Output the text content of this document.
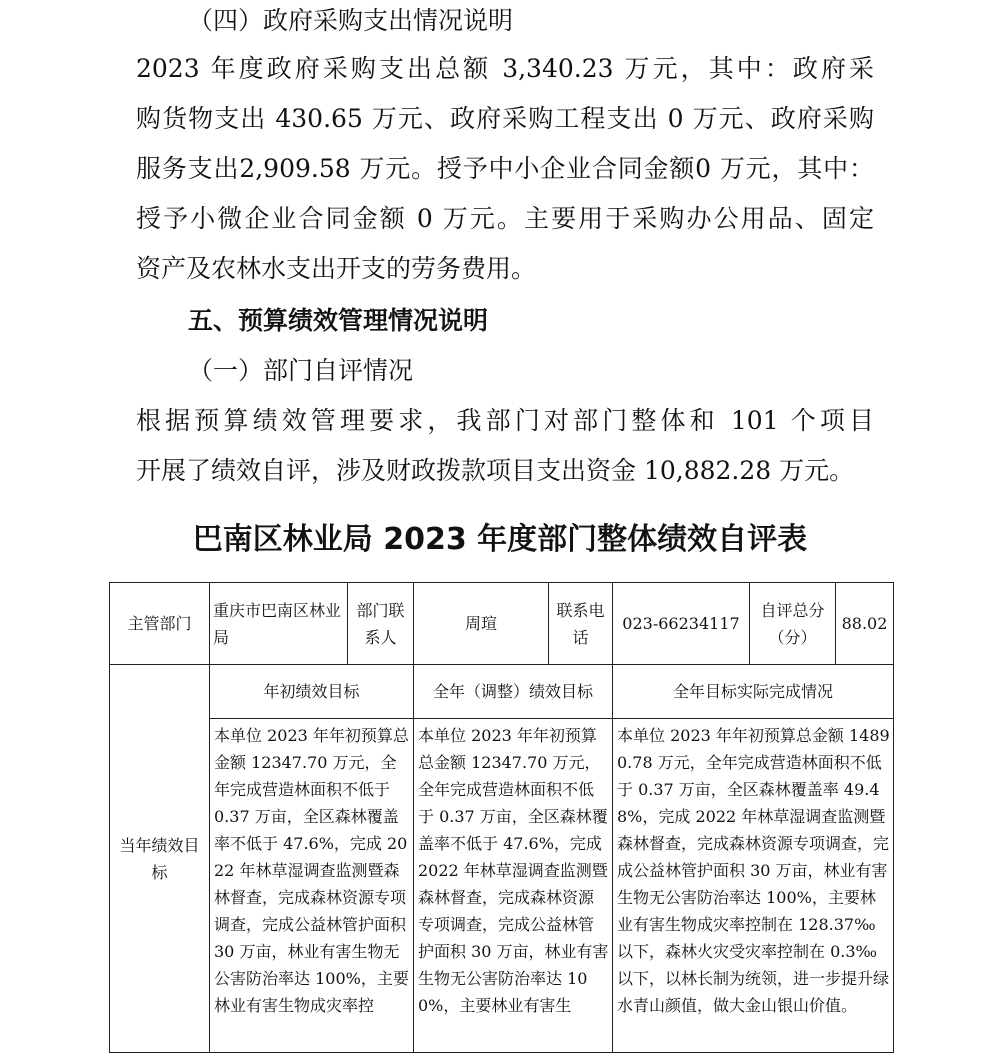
（四）政府采购支出情况说明
2023 年度政府采购支出总额 3,340.23 万元，其中：政府采
购货物支出 430.65 万元、政府采购工程支出 0 万元、政府采购
服务支出2,909.58 万元。授予中小企业合同金额0 万元，其中：
授予小微企业合同金额 0 万元。主要用于采购办公用品、固定
资产及农林水支出开支的劳务费用。
五、预算绩效管理情况说明
（一）部门自评情况
根据预算绩效管理要求，我部门对部门整体和 101 个项目
开展了绩效自评，涉及财政拨款项目支出资金 10,882.28 万元。
巴南区林业局 2023 年度部门整体绩效自评表
主管部门	重庆市巴南区林业局	部门联系人	周瑄	联系电话	023-66234117	自评总分（分）	88.02
当年绩效目标	年初绩效目标		全年（调整）绩效目标		全年目标实际完成情况		

	本单位 2023 年年初预算总金额 12347.70 万元，全年完成营造林面积不低于 0.37 万亩，全区森林覆盖率不低于 47.6%，完成 2022 年林草湿调查监测暨森林督查，完成森林资源专项调查，完成公益林管护面积 30 万亩，林业有害生物无公害防治率达 100%，主要林业有害生物成灾率控		本单位 2023 年年初预算总金额 12347.70 万元，全年完成营造林面积不低于 0.37 万亩，全区森林覆盖率不低于 47.6%，完成 2022 年林草湿调查监测暨森林督查，完成森林资源专项调查，完成公益林管护面积 30 万亩，林业有害生物无公害防治率达 100%，主要林业有害生		本单位 2023 年年初预算总金额 14890.78 万元，全年完成营造林面积不低于 0.37 万亩，全区森林覆盖率 49.48%，完成 2022 年林草湿调查监测暨森林督查，完成森林资源专项调查，完成公益林管护面积 30 万亩，林业有害生物无公害防治率达 100%，主要林业有害生物成灾率控制在 128.37‰以下，森林火灾受灾率控制在 0.3‰以下，以林长制为统领，进一步提升绿水青山颜值，做大金山银山价值。		
